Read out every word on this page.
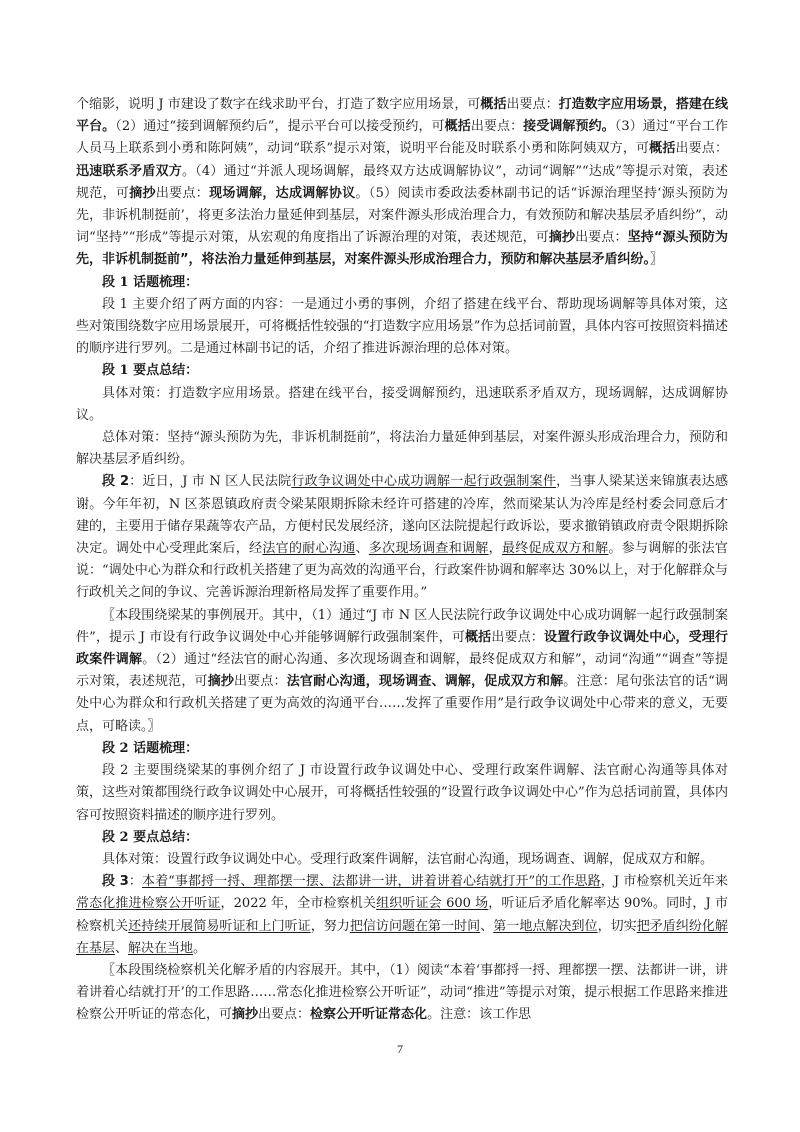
个缩影，说明 J 市建设了数字在线求助平台，打造了数字应用场景，可概括出要点：打造数字应用场景，搭建在线平台。（2）通过“接到调解预约后”，提示平台可以接受预约，可概括出要点：接受调解预约。（3）通过“平台工作人员马上联系到小勇和陈阿姨”，动词“联系”提示对策，说明平台能及时联系小勇和陈阿姨双方，可概括出要点：迅速联系矛盾双方。（4）通过“并派人现场调解，最终双方达成调解协议”，动词“调解”“达成”等提示对策，表述规范，可摘抄出要点：现场调解，达成调解协议。（5）阅读市委政法委林副书记的话“诉源治理坚持‘源头预防为先，非诉机制挺前’，将更多法治力量延伸到基层，对案件源头形成治理合力，有效预防和解决基层矛盾纠纷”，动词“坚持”“形成”等提示对策，从宏观的角度指出了诉源治理的对策，表述规范，可摘抄出要点：坚持“源头预防为先，非诉机制挺前”，将法治力量延伸到基层，对案件源头形成治理合力，预防和解决基层矛盾纠纷。〗

段 1 话题梳理：

段 1 主要介绍了两方面的内容：一是通过小勇的事例，介绍了搭建在线平台、帮助现场调解等具体对策，这些对策围绕数字应用场景展开，可将概括性较强的“打造数字应用场景”作为总括词前置，具体内容可按照资料描述的顺序进行罗列。二是通过林副书记的话，介绍了推进诉源治理的总体对策。

段 1 要点总结：

具体对策：打造数字应用场景。搭建在线平台，接受调解预约，迅速联系矛盾双方，现场调解，达成调解协议。

总体对策：坚持“源头预防为先，非诉机制挺前”，将法治力量延伸到基层，对案件源头形成治理合力，预防和解决基层矛盾纠纷。

段 2：近日，J 市 N 区人民法院行政争议调处中心成功调解一起行政强制案件，当事人梁某送来锦旗表达感谢。今年年初，N 区茶恩镇政府责令梁某限期拆除未经许可搭建的冷库，然而梁某认为冷库是经村委会同意后才建的，主要用于储存果蔬等农产品，方便村民发展经济，遂向区法院提起行政诉讼，要求撤销镇政府责令限期拆除决定。调处中心受理此案后，经法官的耐心沟通、多次现场调查和调解，最终促成双方和解。参与调解的张法官说：“调处中心为群众和行政机关搭建了更为高效的沟通平台，行政案件协调和解率达 30%以上，对于化解群众与行政机关之间的争议、完善诉源治理新格局发挥了重要作用。”

〖本段围绕梁某的事例展开。其中，（1）通过“J 市 N 区人民法院行政争议调处中心成功调解一起行政强制案件”，提示 J 市设有行政争议调处中心并能够调解行政强制案件，可概括出要点：设置行政争议调处中心，受理行政案件调解。（2）通过“经法官的耐心沟通、多次现场调查和调解，最终促成双方和解”，动词“沟通”“调查”等提示对策，表述规范，可摘抄出要点：法官耐心沟通，现场调查、调解，促成双方和解。注意：尾句张法官的话“调处中心为群众和行政机关搭建了更为高效的沟通平台……发挥了重要作用”是行政争议调处中心带来的意义，无要点，可略读。〗

段 2 话题梳理：

段 2 主要围绕梁某的事例介绍了 J 市设置行政争议调处中心、受理行政案件调解、法官耐心沟通等具体对策，这些对策都围绕行政争议调处中心展开，可将概括性较强的“设置行政争议调处中心”作为总括词前置，具体内容可按照资料描述的顺序进行罗列。

段 2 要点总结：

具体对策：设置行政争议调处中心。受理行政案件调解，法官耐心沟通，现场调查、调解，促成双方和解。

段 3：本着“事都捋一捋、理都摆一摆、法都讲一讲，讲着讲着心结就打开”的工作思路，J 市检察机关近年来常态化推进检察公开听证，2022 年，全市检察机关组织听证会 600 场，听证后矛盾化解率达 90%。同时，J 市检察机关还持续开展简易听证和上门听证，努力把信访问题在第一时间、第一地点解决到位，切实把矛盾纠纷化解在基层、解决在当地。

〖本段围绕检察机关化解矛盾的内容展开。其中，（1）阅读“本着‘事都捋一捋、理都摆一摆、法都讲一讲，讲着讲着心结就打开’的工作思路……常态化推进检察公开听证”，动词“推进”等提示对策，提示根据工作思路来推进检察公开听证的常态化，可摘抄出要点：检察公开听证常态化。注意：该工作思

7
